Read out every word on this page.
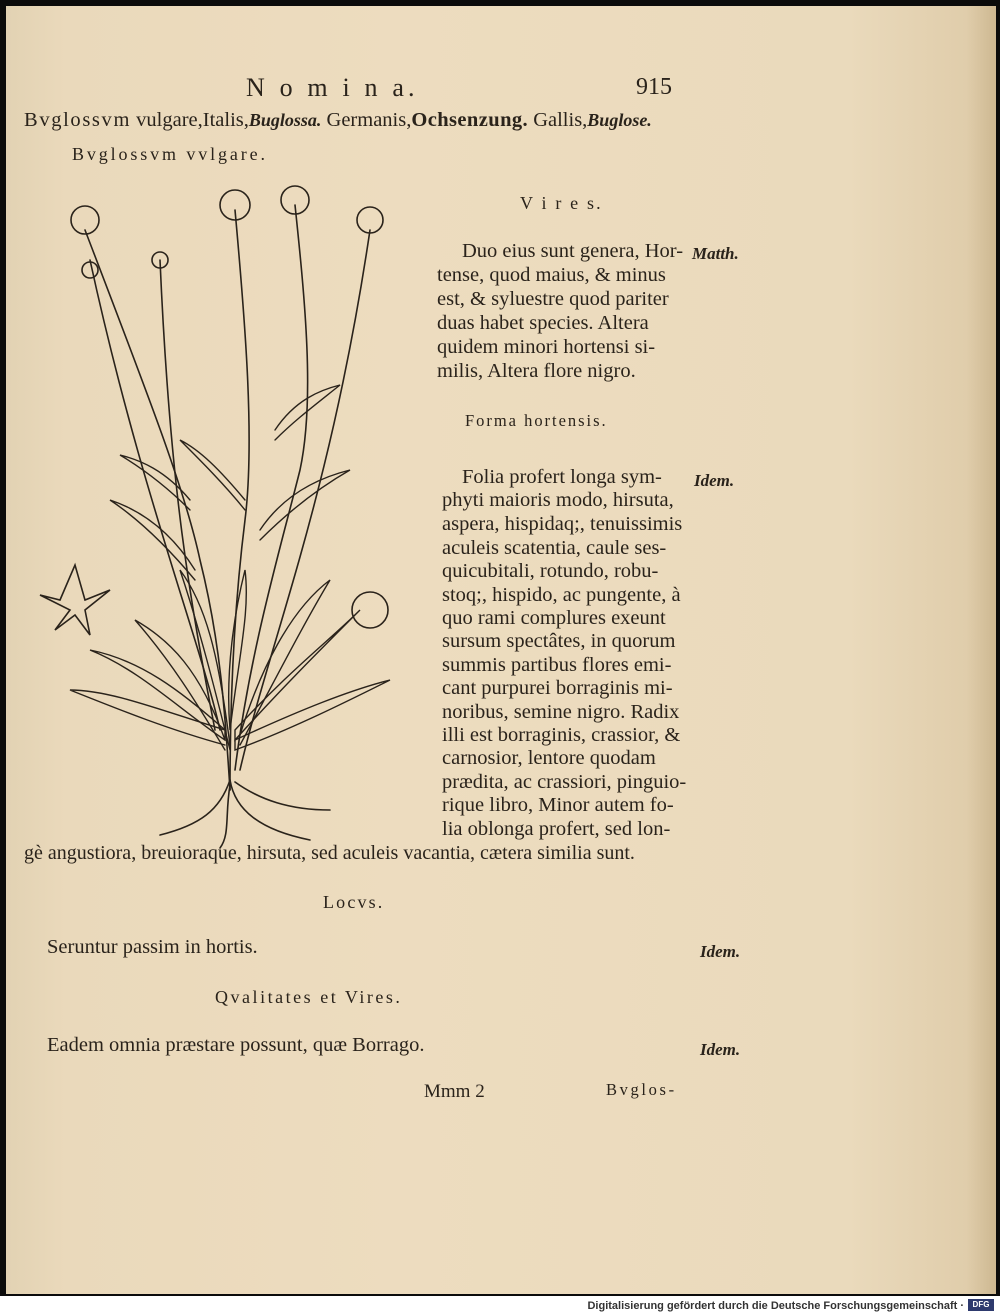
N o m i n a.	915
Bvglossvm vulgare,Italis,Buglossa. Germanis,Ochsenzung. Gallis,Buglose.
Bvglossvm vvlgare.
V i r e s.
Matth.
Duo eius sunt genera, Hor-
tense, quod maius, & minus
est, & syluestre quod pariter
duas habet species. Altera
quidem minori hortensi si-
milis, Altera flore nigro.
Forma hortensis.
Idem.
Folia profert longa sym-
phyti maioris modo, hirsuta,
aspera, hispidaq;, tenuissimis
aculeis scatentia, caule ses-
quicubitali, rotundo, robu-
stoq;, hispido, ac pungente, à
quo rami complures exeunt
sursum spectâtes, in quorum
summis partibus flores emi-
cant purpurei borraginis mi-
noribus, semine nigro. Radix
illi est borraginis, crassior, &
carnosior, lentore quodam
prædita, ac crassiori, pinguio-
rique libro, Minor autem fo-
lia oblonga profert, sed lon-
gè angustiora, breuioraque, hirsuta, sed aculeis vacantia, cætera similia sunt.
Locvs.
Seruntur passim in hortis.	Idem.
Qvalitates et Vires.
Eadem omnia præstare possunt, quæ Borrago.	Idem.
Mmm 2	Bvglos-
Digitalisierung gefördert durch die Deutsche Forschungsgemeinschaft ·	DFG
